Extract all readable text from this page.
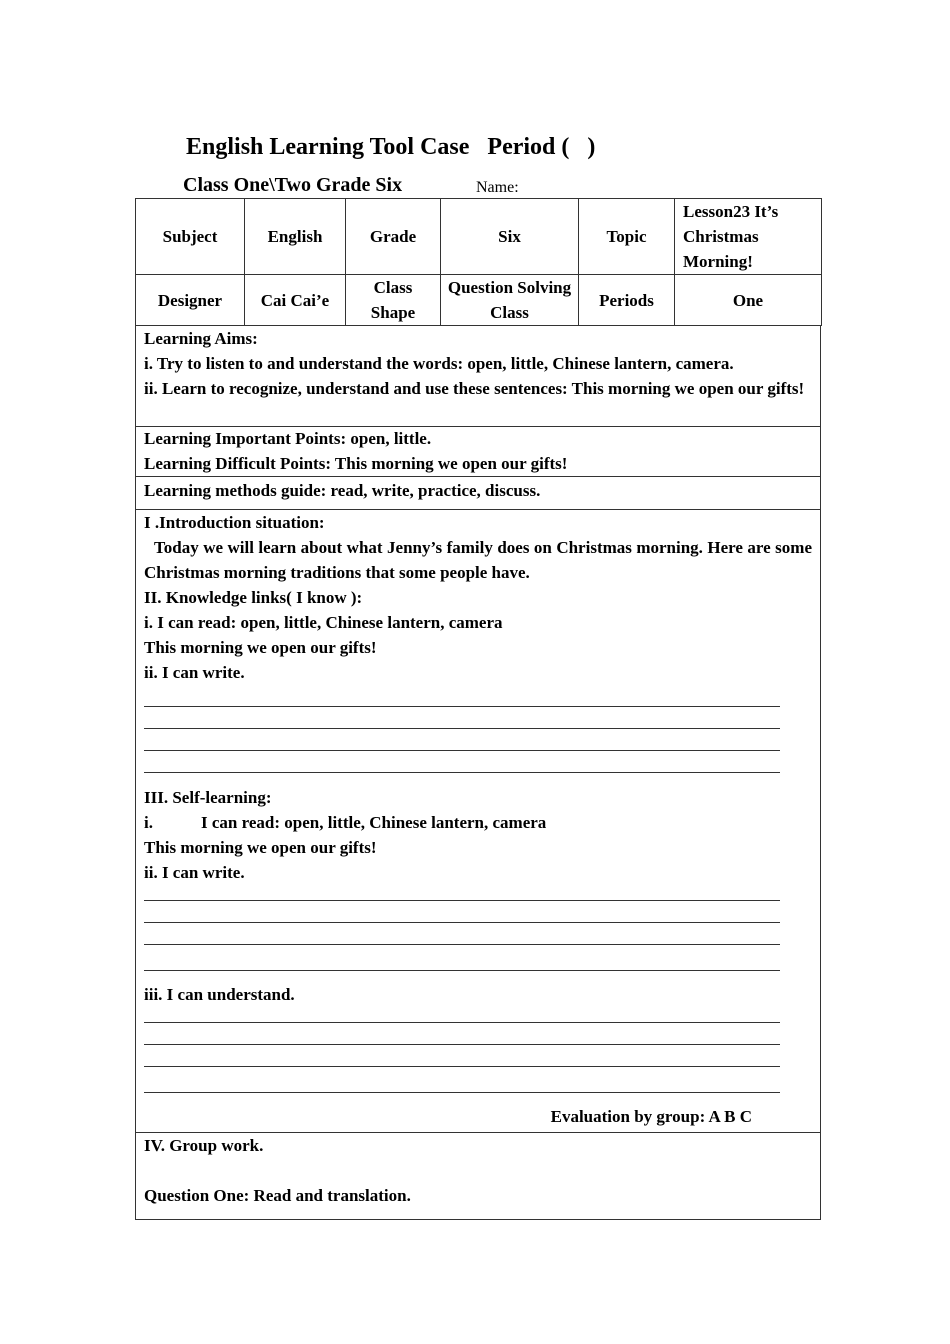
English Learning Tool Case   Period (   )
Class One\Two Grade Six	Name:
Subject	English	Grade	Six	Topic	Lesson23 It’s Christmas Morning!
Designer	Cai Cai’e	Class Shape	Question Solving Class	Periods	One

Learning Aims:

i. Try to listen to and understand the words: open, little, Chinese lantern, camera.

ii. Learn to recognize, understand and use these sentences: This morning we open our gifts!

Learning Important Points: open, little.

Learning Difficult Points: This morning we open our gifts!

Learning methods guide: read, write, practice, discuss.

I .Introduction situation:

Today we will learn about what Jenny’s family does on Christmas morning. Here are some Christmas morning traditions that some people have.

II. Knowledge links( I know ):

i. I can read: open, little, Chinese lantern, camera

This morning we open our gifts!

ii. I can write.

III. Self-learning:

i.	I can read: open, little, Chinese lantern, camera

This morning we open our gifts!

ii. I can write.

iii. I can understand.

Evaluation by group: A B C

IV. Group work.

Question One: Read and translation.
